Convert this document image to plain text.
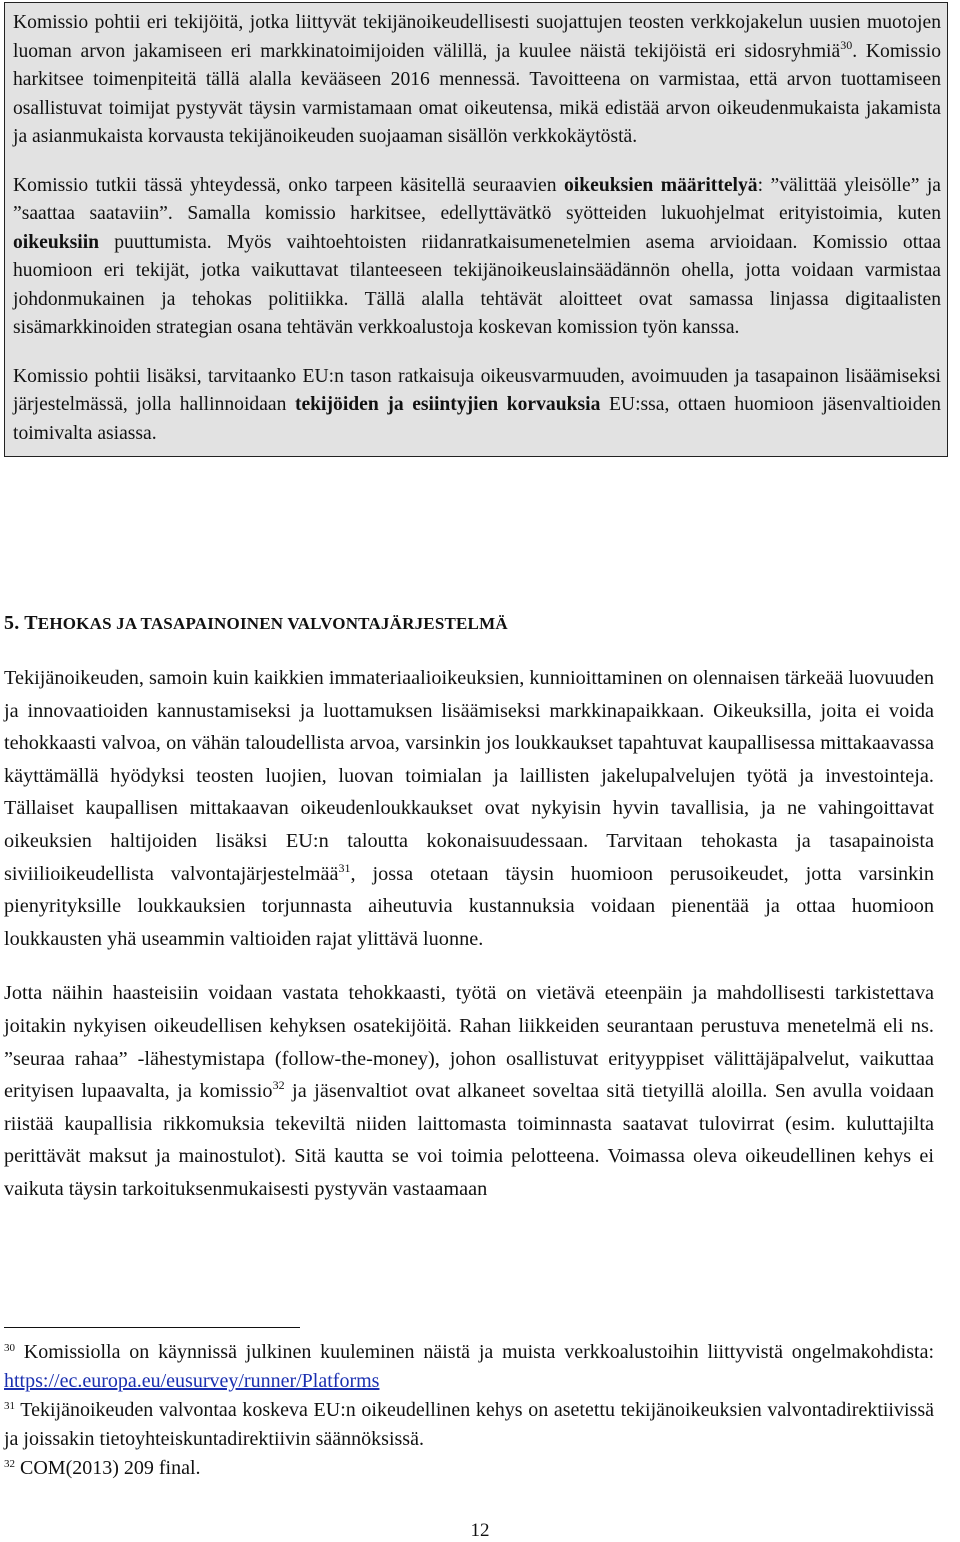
Komissio pohtii eri tekijöitä, jotka liittyvät tekijänoikeudellisesti suojattujen teosten verkkojakelun uusien muotojen luoman arvon jakamiseen eri markkinatoimijoiden välillä, ja kuulee näistä tekijöistä eri sidosryhmiä$^{30}$. Komissio harkitsee toimenpiteitä tällä alalla kevääseen 2016 mennessä. Tavoitteena on varmistaa, että arvon tuottamiseen osallistuvat toimijat pystyvät täysin varmistamaan omat oikeutensa, mikä edistää arvon oikeudenmukaista jakamista ja asianmukaista korvausta tekijänoikeuden suojaaman sisällön verkkokäytöstä.

Komissio tutkii tässä yhteydessä, onko tarpeen käsitellä seuraavien oikeuksien määrittelyä: ”välittää yleisölle” ja ”saattaa saataviin”. Samalla komissio harkitsee, edellyttävätkö syötteiden lukuohjelmat erityistoimia, kuten oikeuksiin puuttumista. Myös vaihtoehtoisten riidanratkaisumenetelmien asema arvioidaan. Komissio ottaa huomioon eri tekijät, jotka vaikuttavat tilanteeseen tekijänoikeuslainsäädännön ohella, jotta voidaan varmistaa johdonmukainen ja tehokas politiikka. Tällä alalla tehtävät aloitteet ovat samassa linjassa digitaalisten sisämarkkinoiden strategian osana tehtävän verkkoalustoja koskevan komission työn kanssa.

Komissio pohtii lisäksi, tarvitaanko EU:n tason ratkaisuja oikeusvarmuuden, avoimuuden ja tasapainon lisäämiseksi järjestelmässä, jolla hallinnoidaan tekijöiden ja esiintyjien korvauksia EU:ssa, ottaen huomioon jäsenvaltioiden toimivalta asiassa.

5. TEHOKAS JA TASAPAINOINEN VALVONTAJÄRJESTELMÄ

Tekijänoikeuden, samoin kuin kaikkien immateriaalioikeuksien, kunnioittaminen on olennaisen tärkeää luovuuden ja innovaatioiden kannustamiseksi ja luottamuksen lisäämiseksi markkinapaikkaan. Oikeuksilla, joita ei voida tehokkaasti valvoa, on vähän taloudellista arvoa, varsinkin jos loukkaukset tapahtuvat kaupallisessa mittakaavassa käyttämällä hyödyksi teosten luojien, luovan toimialan ja laillisten jakelupalvelujen työtä ja investointeja. Tällaiset kaupallisen mittakaavan oikeudenloukkaukset ovat nykyisin hyvin tavallisia, ja ne vahingoittavat oikeuksien haltijoiden lisäksi EU:n taloutta kokonaisuudessaan. Tarvitaan tehokasta ja tasapainoista siviilioikeudellista valvontajärjestelmää$^{31}$, jossa otetaan täysin huomioon perusoikeudet, jotta varsinkin pienyrityksille loukkauksien torjunnasta aiheutuvia kustannuksia voidaan pienentää ja ottaa huomioon loukkausten yhä useammin valtioiden rajat ylittävä luonne.

Jotta näihin haasteisiin voidaan vastata tehokkaasti, työtä on vietävä eteenpäin ja mahdollisesti tarkistettava joitakin nykyisen oikeudellisen kehyksen osatekijöitä. Rahan liikkeiden seurantaan perustuva menetelmä eli ns. ”seuraa rahaa” -lähestymistapa (follow-the-money), johon osallistuvat erityyppiset välittäjäpalvelut, vaikuttaa erityisen lupaavalta, ja komissio$^{32}$ ja jäsenvaltiot ovat alkaneet soveltaa sitä tietyillä aloilla. Sen avulla voidaan riistää kaupallisia rikkomuksia tekeviltä niiden laittomasta toiminnasta saatavat tulovirrat (esim. kuluttajilta perittävät maksut ja mainostulot). Sitä kautta se voi toimia pelotteena. Voimassa oleva oikeudellinen kehys ei vaikuta täysin tarkoituksenmukaisesti pystyvän vastaamaan

$^{30}$ Komissiolla on käynnissä julkinen kuuleminen näistä ja muista verkkoalustoihin liittyvistä ongelmakohdista: https://ec.europa.eu/eusurvey/runner/Platforms

$^{31}$ Tekijänoikeuden valvontaa koskeva EU:n oikeudellinen kehys on asetettu tekijänoikeuksien valvontadirektiivissä ja joissakin tietoyhteiskuntadirektiivin säännöksissä.

$^{32}$ COM(2013) 209 final.

12
